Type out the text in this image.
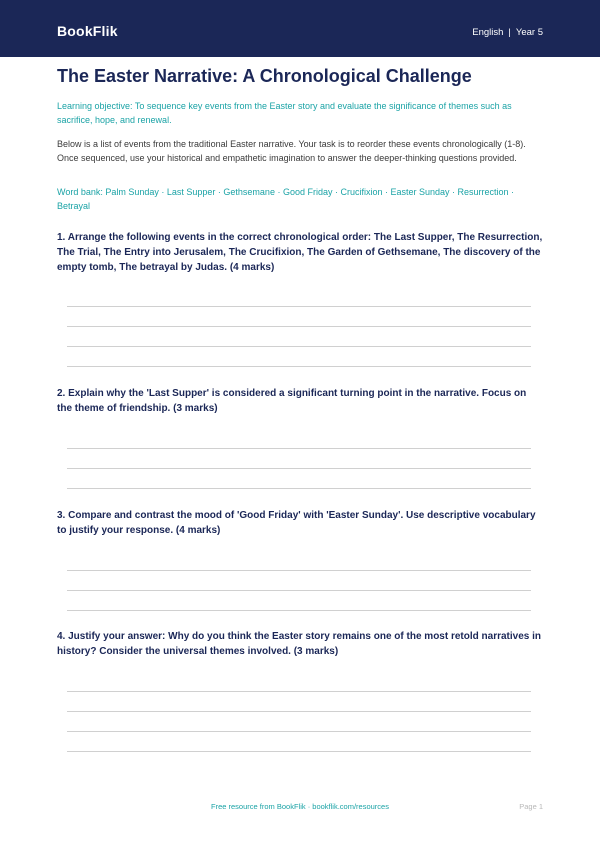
BookFlik	English | Year 5
The Easter Narrative: A Chronological Challenge

Learning objective: To sequence key events from the Easter story and evaluate the significance of themes such as sacrifice, hope, and renewal.

Below is a list of events from the traditional Easter narrative. Your task is to reorder these events chronologically (1-8). Once sequenced, use your historical and empathetic imagination to answer the deeper-thinking questions provided.

Word bank: Palm Sunday · Last Supper · Gethsemane · Good Friday · Crucifixion · Easter Sunday · Resurrection · Betrayal

1. Arrange the following events in the correct chronological order: The Last Supper, The Resurrection, The Trial, The Entry into Jerusalem, The Crucifixion, The Garden of Gethsemane, The discovery of the empty tomb, The betrayal by Judas. (4 marks)

2. Explain why the 'Last Supper' is considered a significant turning point in the narrative. Focus on the theme of friendship. (3 marks)

3. Compare and contrast the mood of 'Good Friday' with 'Easter Sunday'. Use descriptive vocabulary to justify your response. (4 marks)

4. Justify your answer: Why do you think the Easter story remains one of the most retold narratives in history? Consider the universal themes involved. (3 marks)

Free resource from BookFlik · bookflik.com/resources	Page 1
